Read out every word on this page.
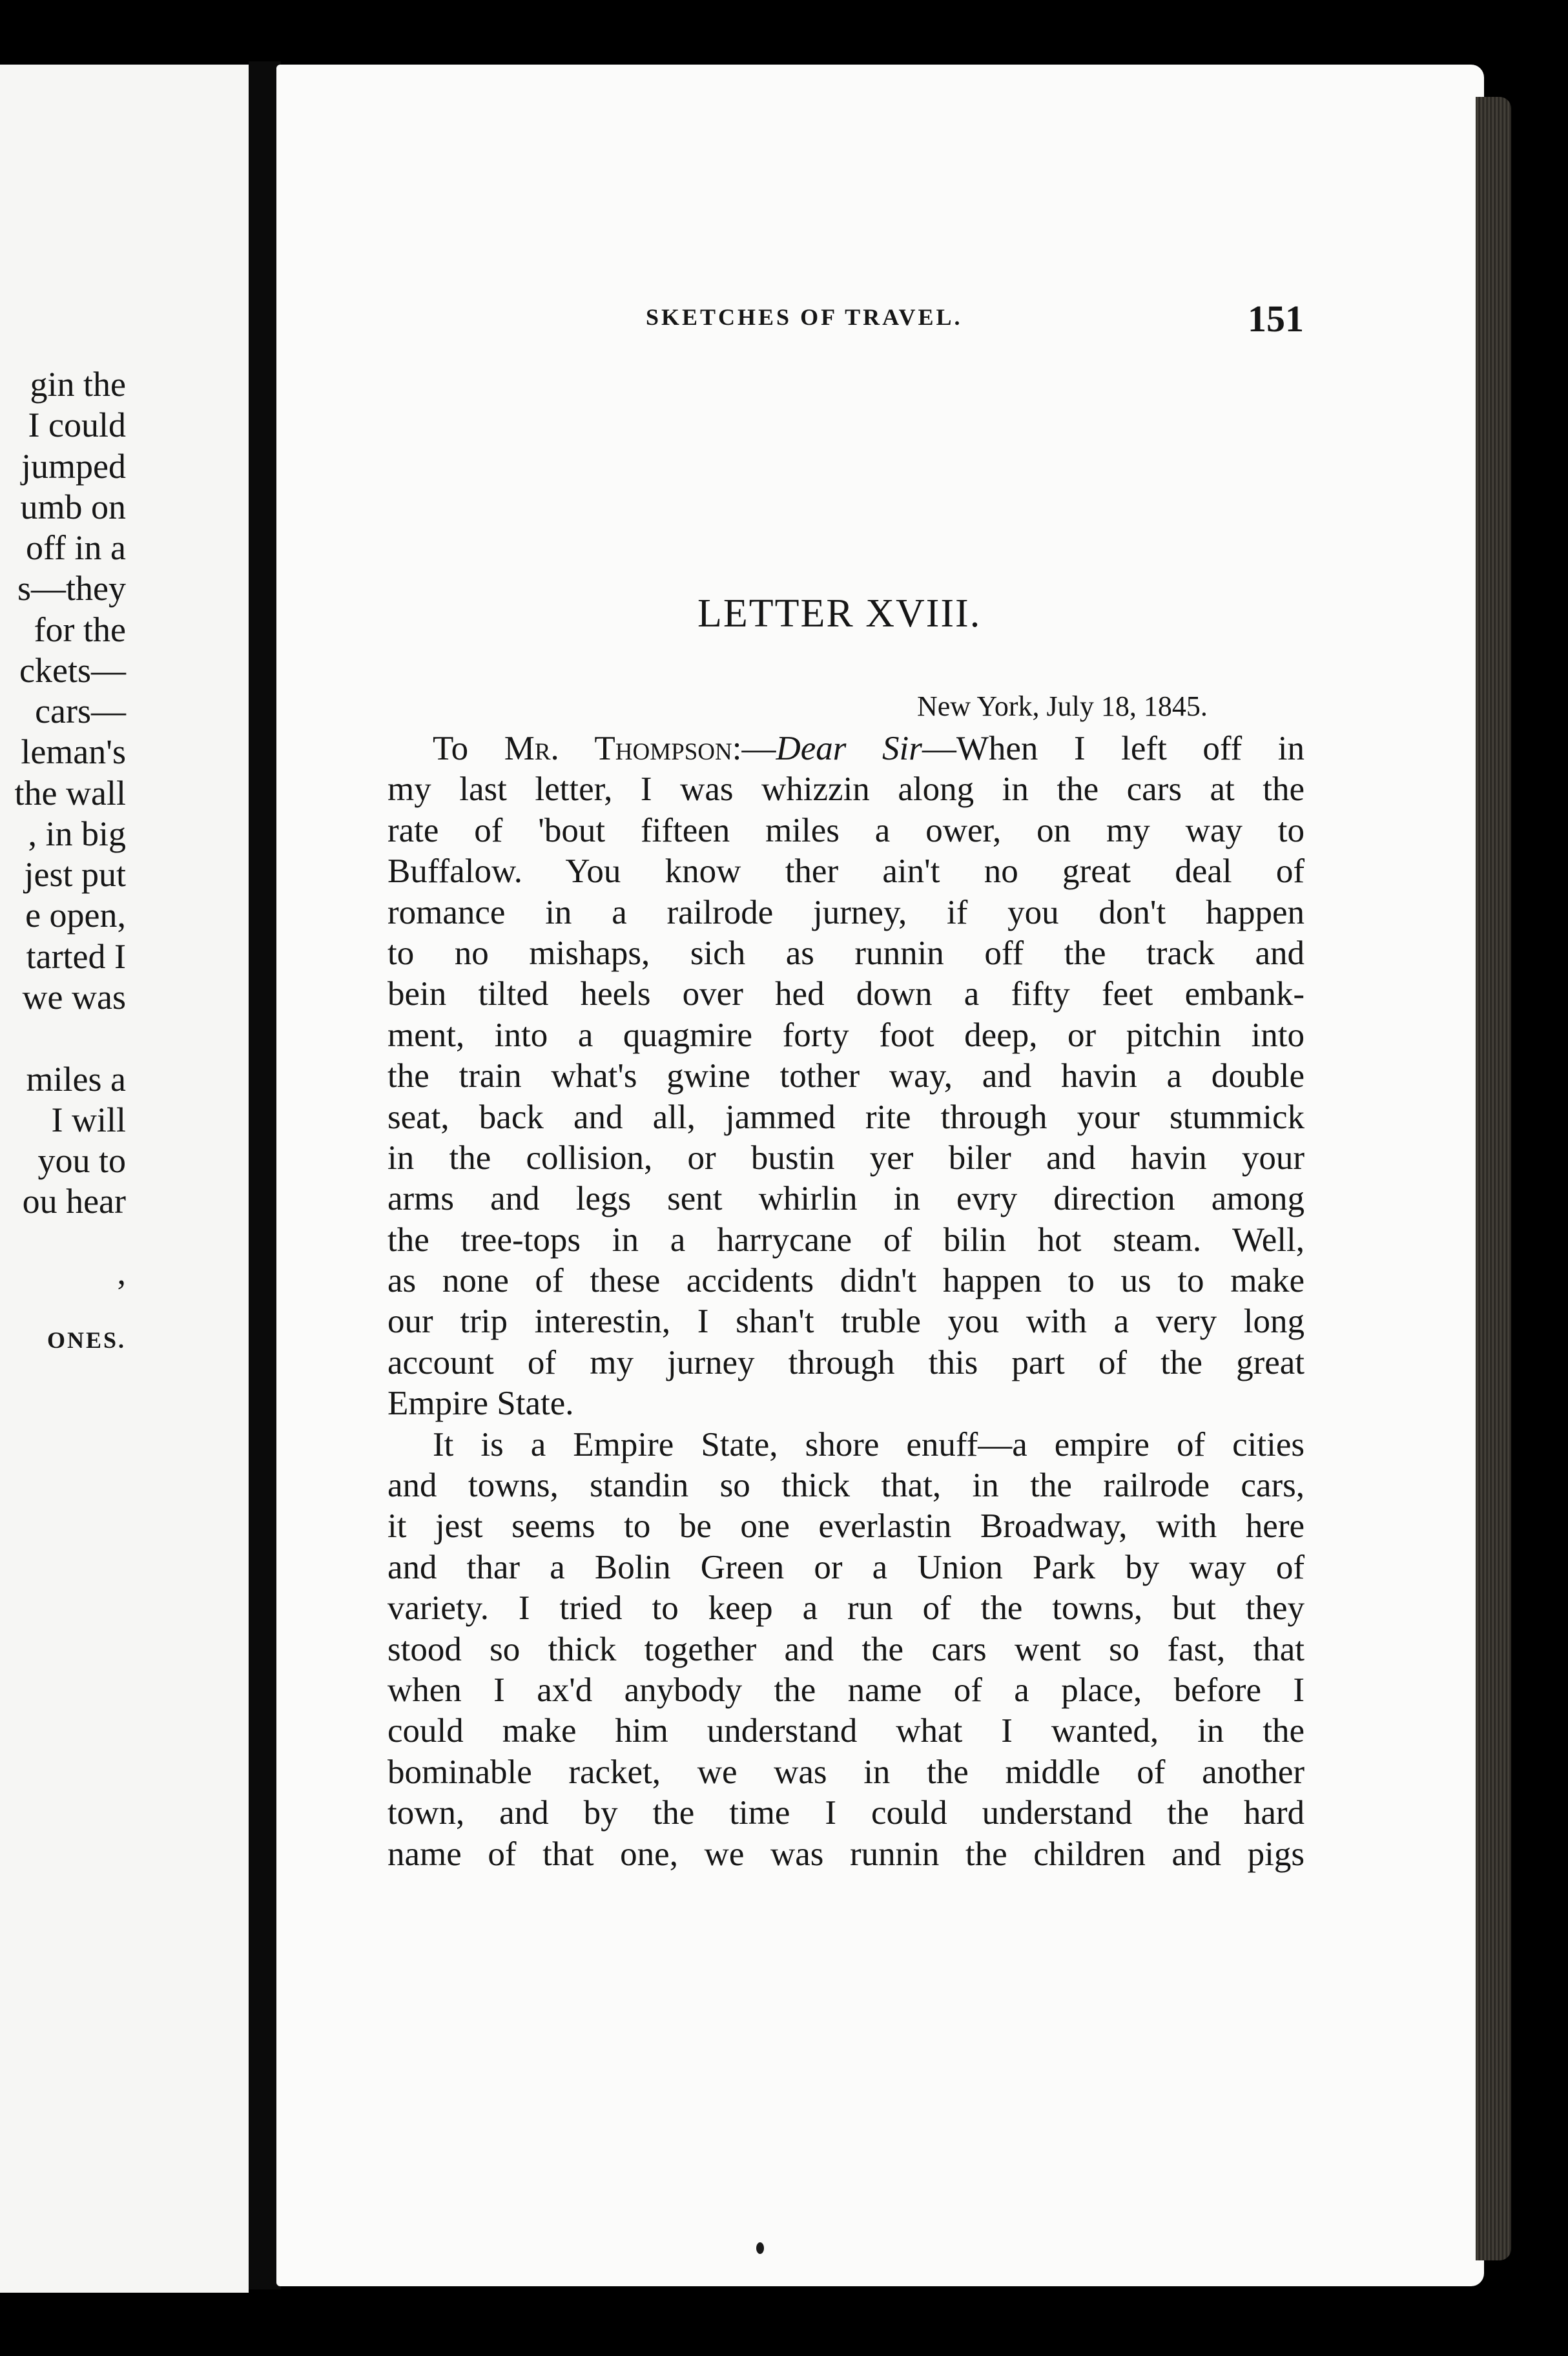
gin the
I could
jumped
umb on
off in a
s—they
for the
ckets—
cars—
leman's
the wall
, in big
jest put
e open,
tarted I
we was
miles a
I will
you to
ou hear
,
ONES.
SKETCHES OF TRAVEL.	151
LETTER XVIII.
New York, July 18, 1845.
To Mr. Thompson:—Dear Sir—When I left off in
my last letter, I was whizzin along in the cars at the
rate of 'bout fifteen miles a ower, on my way to
Buffalow. You know ther ain't no great deal of
romance in a railrode jurney, if you don't happen
to no mishaps, sich as runnin off the track and
bein tilted heels over hed down a fifty feet embank-
ment, into a quagmire forty foot deep, or pitchin into
the train what's gwine tother way, and havin a double
seat, back and all, jammed rite through your stummick
in the collision, or bustin yer biler and havin your
arms and legs sent whirlin in evry direction among
the tree-tops in a harrycane of bilin hot steam. Well,
as none of these accidents didn't happen to us to make
our trip interestin, I shan't truble you with a very long
account of my jurney through this part of the great
Empire State.
It is a Empire State, shore enuff—a empire of cities
and towns, standin so thick that, in the railrode cars,
it jest seems to be one everlastin Broadway, with here
and thar a Bolin Green or a Union Park by way of
variety. I tried to keep a run of the towns, but they
stood so thick together and the cars went so fast, that
when I ax'd anybody the name of a place, before I
could make him understand what I wanted, in the
bominable racket, we was in the middle of another
town, and by the time I could understand the hard
name of that one, we was runnin the children and pigs
